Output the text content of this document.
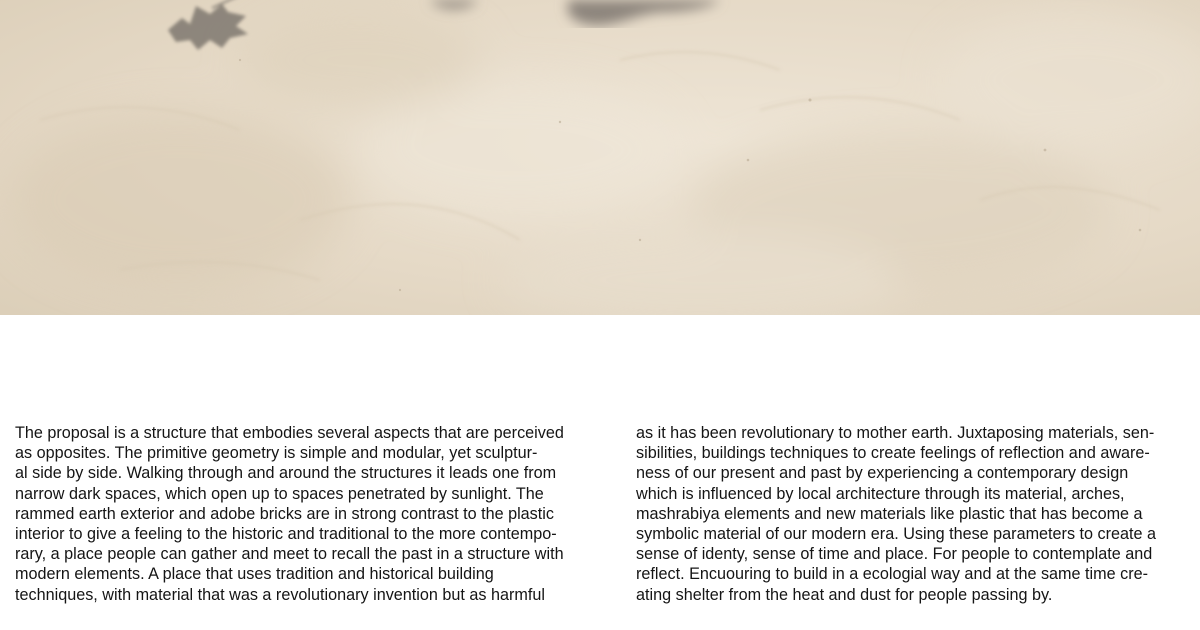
The proposal is a structure that embodies several aspects that are perceived
as opposites. The primitive geometry is simple and modular, yet sculptur-
al side by side. Walking through and around the structures it leads one from
narrow dark spaces, which open up to spaces penetrated by sunlight. The
rammed earth exterior and adobe bricks are in strong contrast to the plastic
interior to give a feeling to the historic and traditional to the more contempo-
rary, a place people can gather and meet to recall the past in a structure with
modern elements. A place that uses tradition and historical building
techniques, with material that was a revolutionary invention but as harmful
as it has been revolutionary to mother earth. Juxtaposing materials, sen-
sibilities, buildings techniques to create feelings of reflection and aware-
ness of our present and past by experiencing a contemporary design
which is influenced by local architecture through its material, arches,
mashrabiya elements and new materials like plastic that has become a
symbolic material of our modern era. Using these parameters to create a
sense of identy, sense of time and place. For people to contemplate and
reflect. Encuouring to build in a ecologial way and at the same time cre-
ating shelter from the heat and dust for people passing by.
